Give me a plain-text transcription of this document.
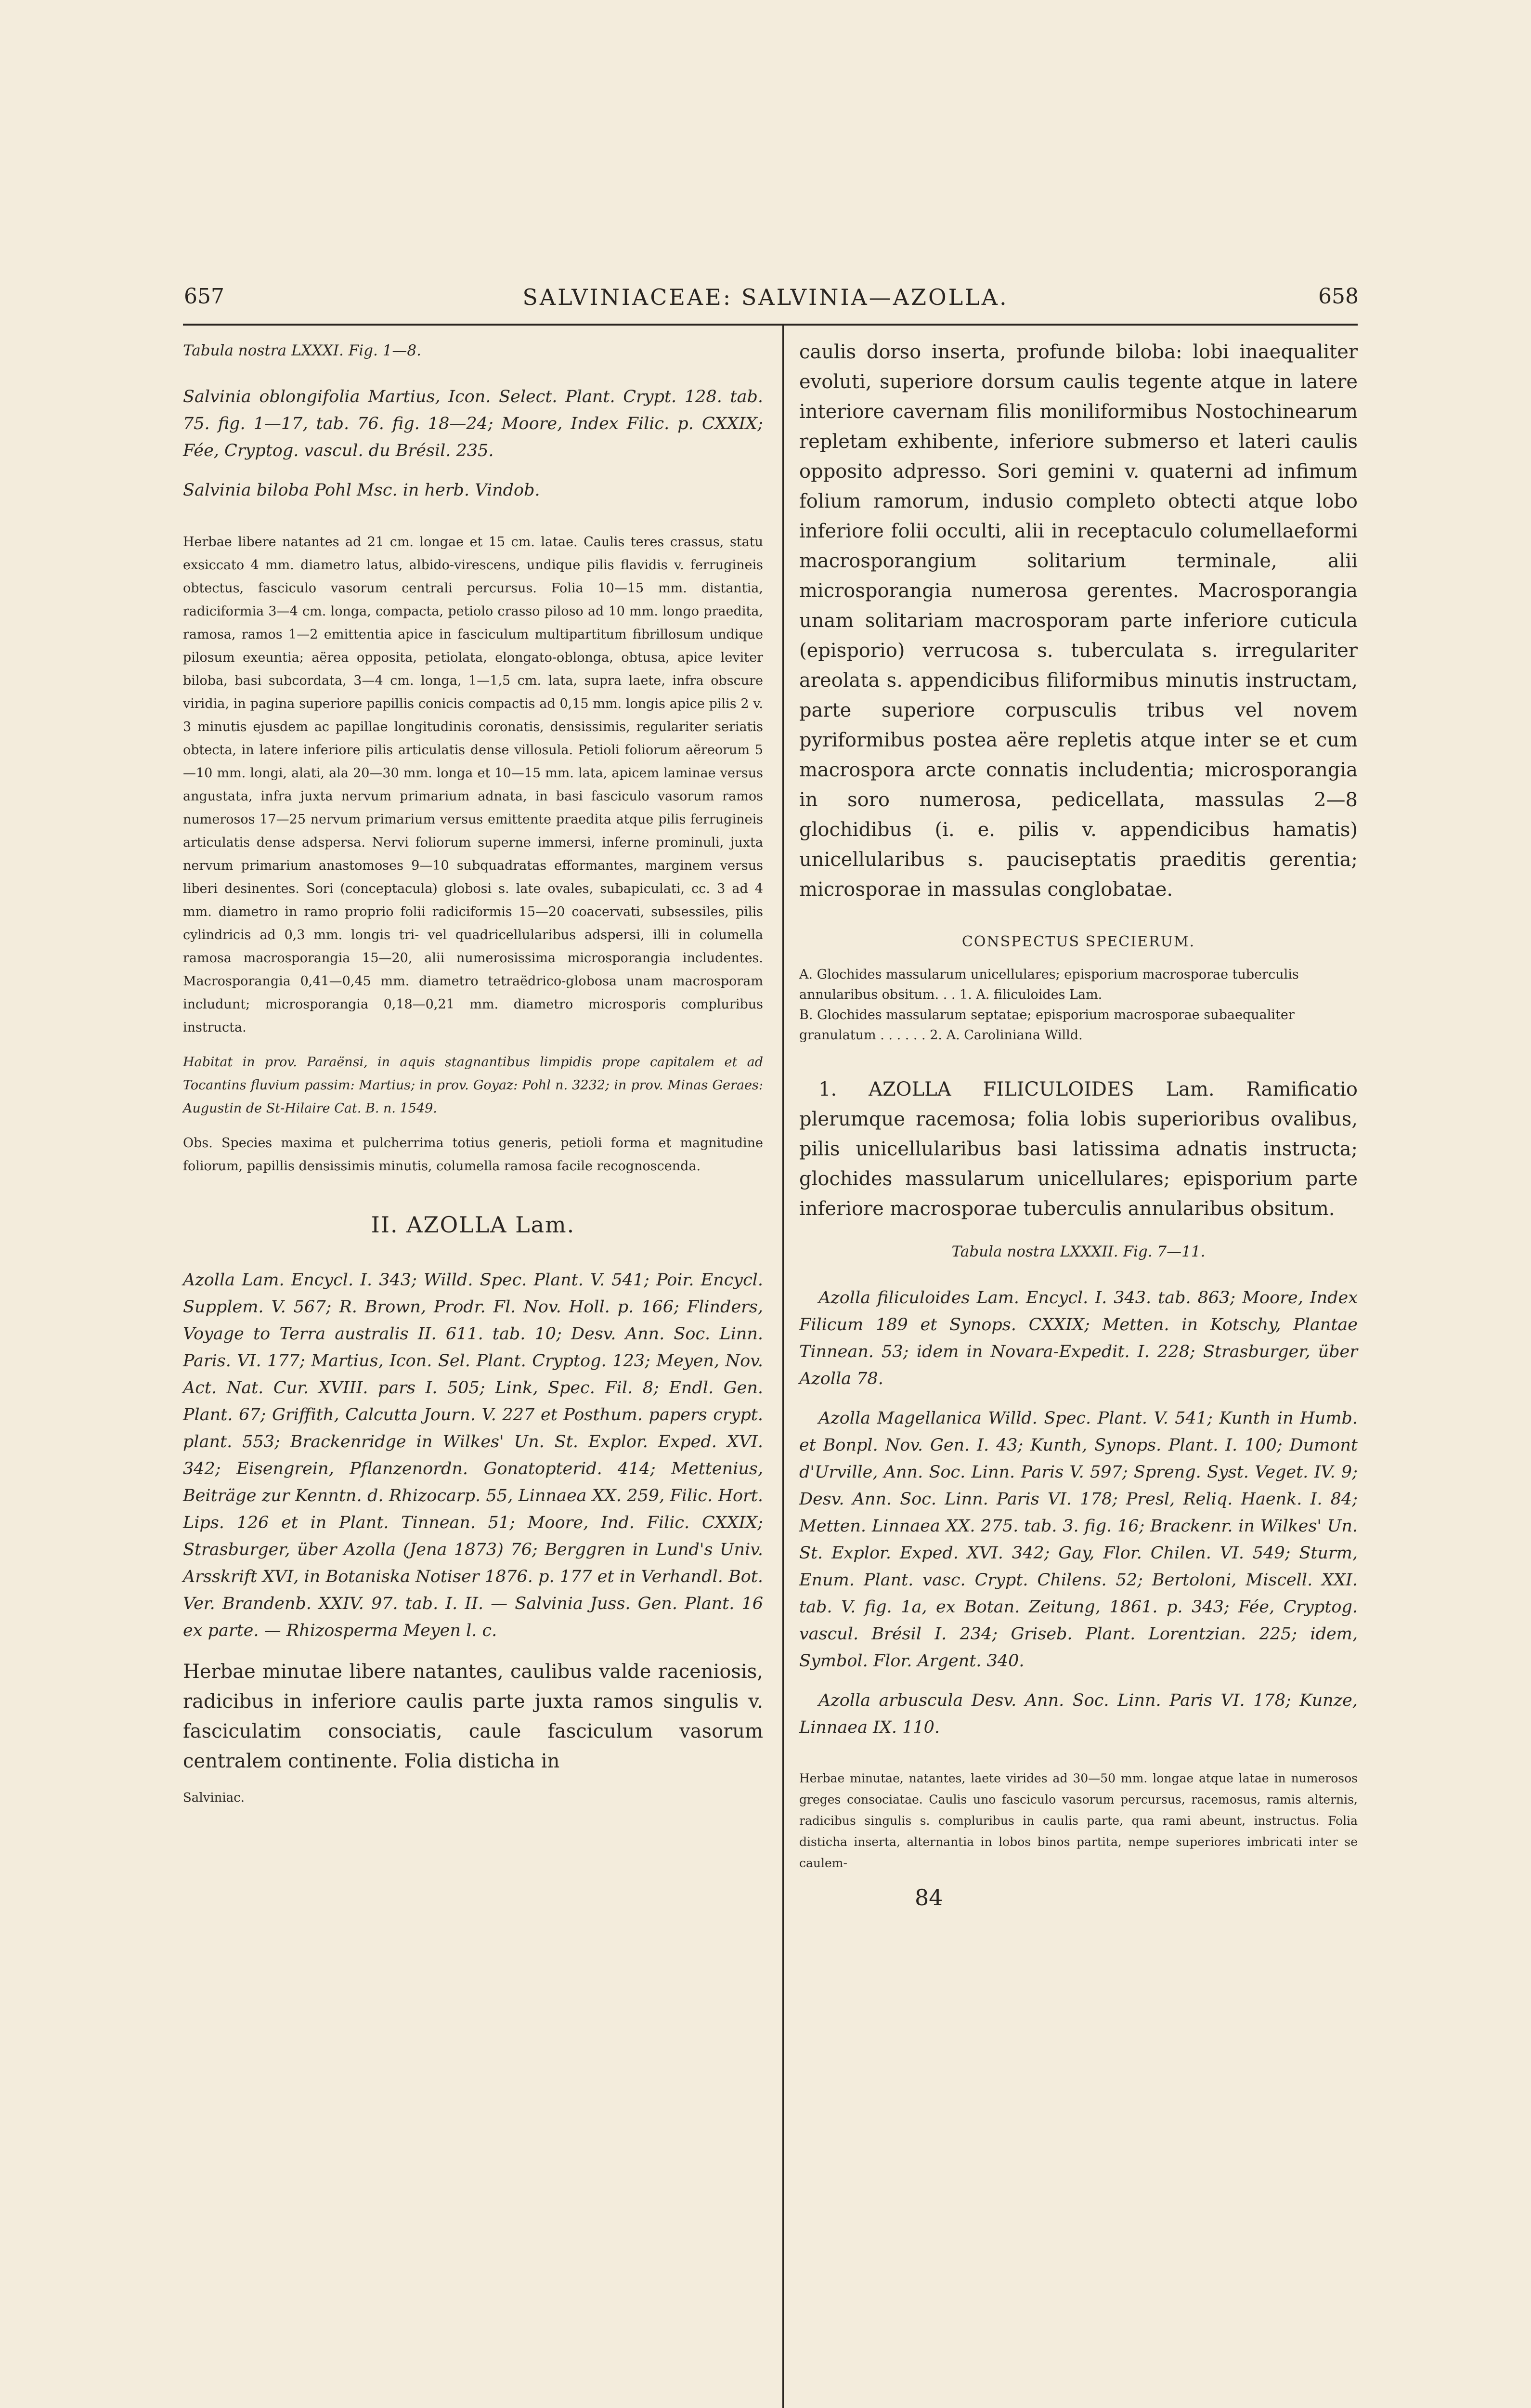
657	SALVINIACEAE: SALVINIA—AZOLLA.	658

Tabula nostra LXXXI. Fig. 1—8.

Salvinia oblongifolia Martius, Icon. Select. Plant. Crypt. 128. tab. 75. fig. 1—17, tab. 76. fig. 18—24; Moore, Index Filic. p. CXXIX; Fée, Cryptog. vascul. du Brésil. 235.

Salvinia biloba Pohl Msc. in herb. Vindob.

Herbae libere natantes ad 21 cm. longae et 15 cm. latae. Caulis teres crassus, statu exsiccato 4 mm. diametro latus, albido-virescens, undique pilis flavidis v. ferrugineis obtectus, fasciculo vasorum centrali percursus. Folia 10—15 mm. distantia, radiciformia 3—4 cm. longa, compacta, petiolo crasso piloso ad 10 mm. longo praedita, ramosa, ramos 1—2 emittentia apice in fasciculum multipartitum fibrillosum undique pilosum exeuntia; aërea opposita, petiolata, elongato-oblonga, obtusa, apice leviter biloba, basi subcordata, 3—4 cm. longa, 1—1,5 cm. lata, supra laete, infra obscure viridia, in pagina superiore papillis conicis compactis ad 0,15 mm. longis apice pilis 2 v. 3 minutis ejusdem ac papillae longitudinis coronatis, densissimis, regulariter seriatis obtecta, in latere inferiore pilis articulatis dense villosula. Petioli foliorum aëreorum 5—10 mm. longi, alati, ala 20—30 mm. longa et 10—15 mm. lata, apicem laminae versus angustata, infra juxta nervum primarium adnata, in basi fasciculo vasorum ramos numerosos 17—25 nervum primarium versus emittente praedita atque pilis ferrugineis articulatis dense adspersa. Nervi foliorum superne immersi, inferne prominuli, juxta nervum primarium anastomoses 9—10 subquadratas efformantes, marginem versus liberi desinentes. Sori (conceptacula) globosi s. late ovales, subapiculati, cc. 3 ad 4 mm. diametro in ramo proprio folii radiciformis 15—20 coacervati, subsessiles, pilis cylindricis ad 0,3 mm. longis tri- vel quadricellularibus adspersi, illi in columella ramosa macrosporangia 15—20, alii numerosissima microsporangia includentes. Macrosporangia 0,41—0,45 mm. diametro tetraëdrico-globosa unam macrosporam includunt; microsporangia 0,18—0,21 mm. diametro microsporis compluribus instructa.

Habitat in prov. Paraënsi, in aquis stagnantibus limpidis prope capitalem et ad Tocantins fluvium passim: Martius; in prov. Goyaz: Pohl n. 3232; in prov. Minas Geraes: Augustin de St-Hilaire Cat. B. n. 1549.

Obs. Species maxima et pulcherrima totius generis, petioli forma et magnitudine foliorum, papillis densissimis minutis, columella ramosa facile recognoscenda.

II. AZOLLA Lam.

Azolla Lam. Encycl. I. 343; Willd. Spec. Plant. V. 541; Poir. Encycl. Supplem. V. 567; R. Brown, Prodr. Fl. Nov. Holl. p. 166; Flinders, Voyage to Terra australis II. 611. tab. 10; Desv. Ann. Soc. Linn. Paris. VI. 177; Martius, Icon. Sel. Plant. Cryptog. 123; Meyen, Nov. Act. Nat. Cur. XVIII. pars I. 505; Link, Spec. Fil. 8; Endl. Gen. Plant. 67; Griffith, Calcutta Journ. V. 227 et Posthum. papers crypt. plant. 553; Brackenridge in Wilkes' Un. St. Explor. Exped. XVI. 342; Eisengrein, Pflanzenordn. Gonatopterid. 414; Mettenius, Beiträge zur Kenntn. d. Rhizocarp. 55, Linnaea XX. 259, Filic. Hort. Lips. 126 et in Plant. Tinnean. 51; Moore, Ind. Filic. CXXIX; Strasburger, über Azolla (Jena 1873) 76; Berggren in Lund's Univ. Arsskrift XVI, in Botaniska Notiser 1876. p. 177 et in Verhandl. Bot. Ver. Brandenb. XXIV. 97. tab. I. II. — Salvinia Juss. Gen. Plant. 16 ex parte. — Rhizosperma Meyen l. c.

Herbae minutae libere natantes, caulibus valde raceniosis, radicibus in inferiore caulis parte juxta ramos singulis v. fasciculatim consociatis, caule fasciculum vasorum centralem continente. Folia disticha in

Salviniac.

caulis dorso inserta, profunde biloba: lobi inaequaliter evoluti, superiore dorsum caulis tegente atque in latere interiore cavernam filis moniliformibus Nostochinearum repletam exhibente, inferiore submerso et lateri caulis opposito adpresso. Sori gemini v. quaterni ad infimum folium ramorum, indusio completo obtecti atque lobo inferiore folii occulti, alii in receptaculo columellaeformi macrosporangium solitarium terminale, alii microsporangia numerosa gerentes. Macrosporangia unam solitariam macrosporam parte inferiore cuticula (episporio) verrucosa s. tuberculata s. irregulariter areolata s. appendicibus filiformibus minutis instructam, parte superiore corpusculis tribus vel novem pyriformibus postea aëre repletis atque inter se et cum macrospora arcte connatis includentia; microsporangia in soro numerosa, pedicellata, massulas 2—8 glochidibus (i. e. pilis v. appendicibus hamatis) unicellularibus s. pauciseptatis praeditis gerentia; microsporae in massulas conglobatae.

CONSPECTUS SPECIERUM.
A. Glochides massularum unicellulares; episporium macrosporae tuberculis annularibus obsitum. . . 1. A. filiculoides Lam.
B. Glochides massularum septatae; episporium macrosporae subaequaliter granulatum . . . . . . 2. A. Caroliniana Willd.

1. AZOLLA FILICULOIDES Lam. Ramificatio plerumque racemosa; folia lobis superioribus ovalibus, pilis unicellularibus basi latissima adnatis instructa; glochides massularum unicellulares; episporium parte inferiore macrosporae tuberculis annularibus obsitum.

Tabula nostra LXXXII. Fig. 7—11.

Azolla filiculoides Lam. Encycl. I. 343. tab. 863; Moore, Index Filicum 189 et Synops. CXXIX; Metten. in Kotschy, Plantae Tinnean. 53; idem in Novara-Expedit. I. 228; Strasburger, über Azolla 78.

Azolla Magellanica Willd. Spec. Plant. V. 541; Kunth in Humb. et Bonpl. Nov. Gen. I. 43; Kunth, Synops. Plant. I. 100; Dumont d'Urville, Ann. Soc. Linn. Paris V. 597; Spreng. Syst. Veget. IV. 9; Desv. Ann. Soc. Linn. Paris VI. 178; Presl, Reliq. Haenk. I. 84; Metten. Linnaea XX. 275. tab. 3. fig. 16; Brackenr. in Wilkes' Un. St. Explor. Exped. XVI. 342; Gay, Flor. Chilen. VI. 549; Sturm, Enum. Plant. vasc. Crypt. Chilens. 52; Bertoloni, Miscell. XXI. tab. V. fig. 1a, ex Botan. Zeitung, 1861. p. 343; Fée, Cryptog. vascul. Brésil I. 234; Griseb. Plant. Lorentzian. 225; idem, Symbol. Flor. Argent. 340.

Azolla arbuscula Desv. Ann. Soc. Linn. Paris VI. 178; Kunze, Linnaea IX. 110.

Herbae minutae, natantes, laete virides ad 30—50 mm. longae atque latae in numerosos greges consociatae. Caulis uno fasciculo vasorum percursus, racemosus, ramis alternis, radicibus singulis s. compluribus in caulis parte, qua rami abeunt, instructus. Folia disticha inserta, alternantia in lobos binos partita, nempe superiores imbricati inter se caulem-

84
